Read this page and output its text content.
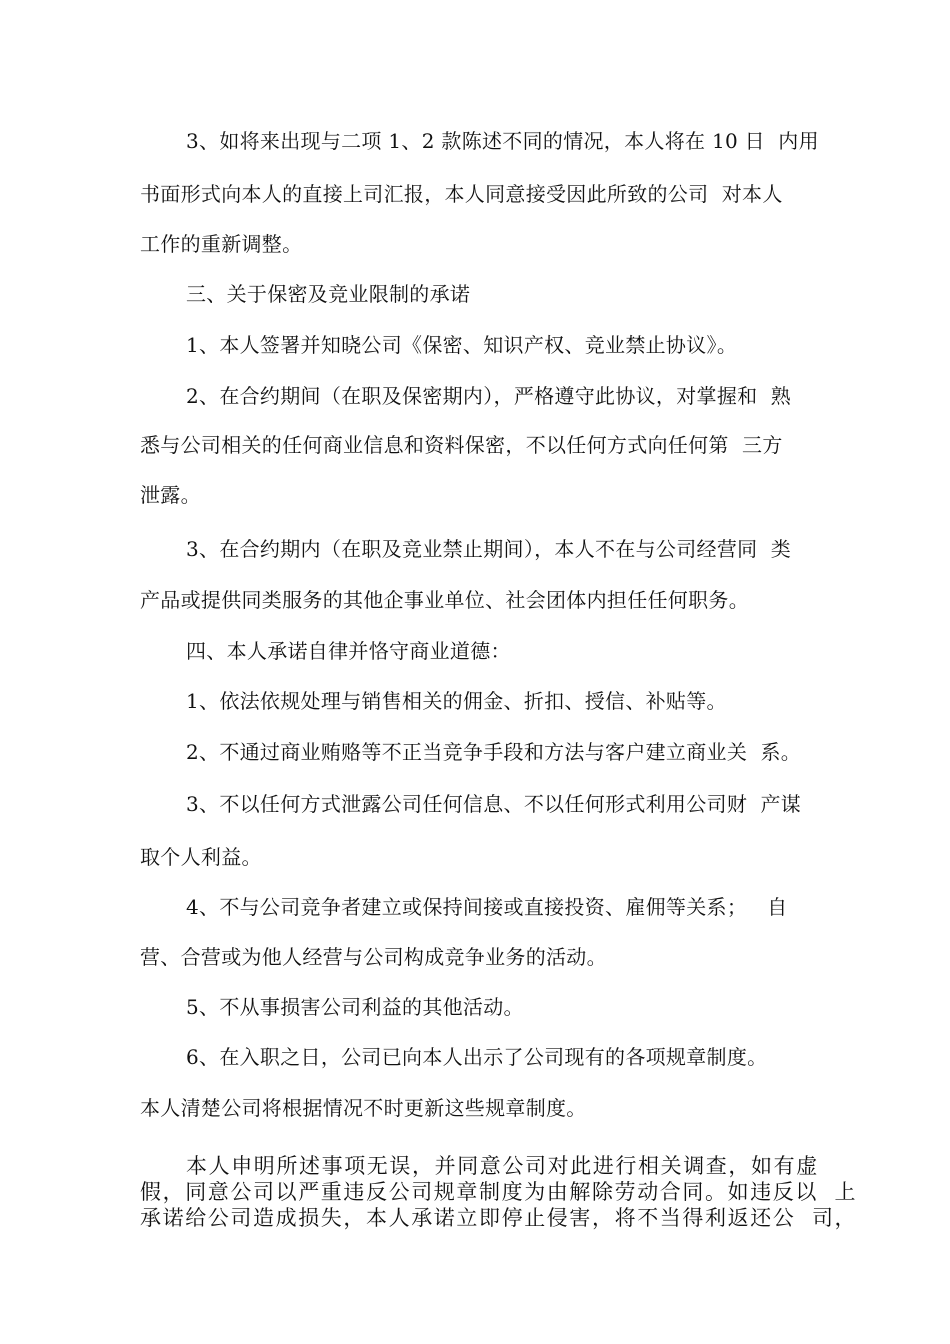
3、如将来出现与二项 1、2 款陈述不同的情况，本人将在 10 日  内用
书面形式向本人的直接上司汇报，本人同意接受因此所致的公司  对本人
工作的重新调整。
三、关于保密及竞业限制的承诺
1、本人签署并知晓公司《保密、知识产权、竞业禁止协议》。
2、在合约期间（在职及保密期内），严格遵守此协议，对掌握和  熟
悉与公司相关的任何商业信息和资料保密，不以任何方式向任何第  三方
泄露。
3、在合约期内（在职及竞业禁止期间），本人不在与公司经营同  类
产品或提供同类服务的其他企事业单位、社会团体内担任任何职务。
四、本人承诺自律并恪守商业道德：
1、依法依规处理与销售相关的佣金、折扣、授信、补贴等。
2、不通过商业贿赂等不正当竞争手段和方法与客户建立商业关  系。
3、不以任何方式泄露公司任何信息、不以任何形式利用公司财  产谋
取个人利益。
4、不与公司竞争者建立或保持间接或直接投资、雇佣等关系；   自
营、合营或为他人经营与公司构成竞争业务的活动。
5、不从事损害公司利益的其他活动。
6、在入职之日，公司已向本人出示了公司现有的各项规章制度。
本人清楚公司将根据情况不时更新这些规章制度。
本人申明所述事项无误，并同意公司对此进行相关调查，如有虚
假，同意公司以严重违反公司规章制度为由解除劳动合同。如违反以  上
承诺给公司造成损失，本人承诺立即停止侵害，将不当得利返还公  司，
